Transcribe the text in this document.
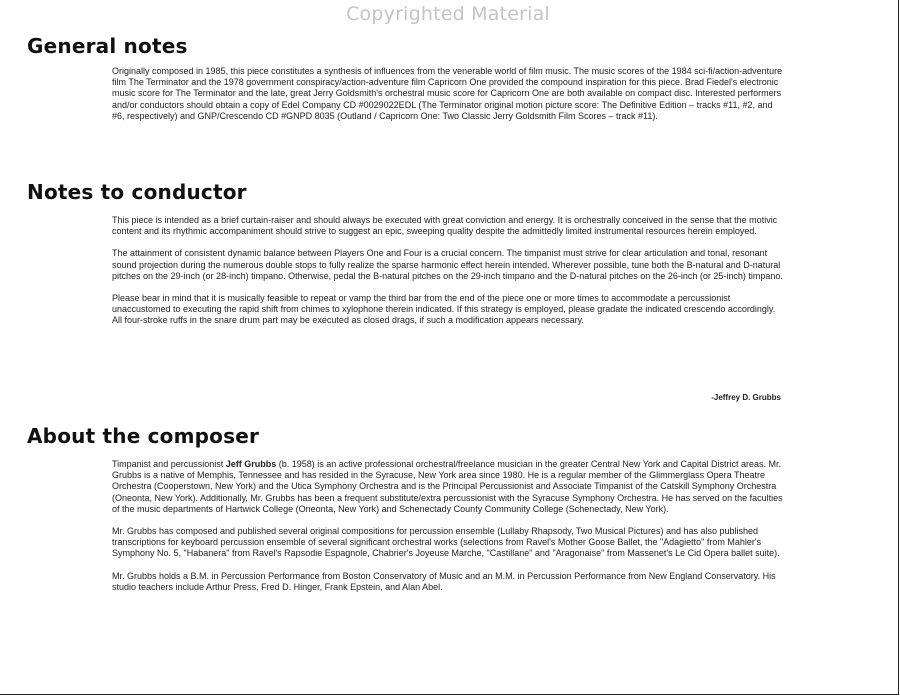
Copyrighted Material
General notes

Originally composed in 1985, this piece constitutes a synthesis of influences from the venerable world of film music. The music scores of the 1984 sci-fi/action-adventure film The Terminator and the 1978 government conspiracy/action-adventure film Capricorn One provided the compound inspiration for this piece. Brad Fiedel's electronic music score for The Terminator and the late, great Jerry Goldsmith's orchestral music score for Capricorn One are both available on compact disc. Interested performers and/or conductors should obtain a copy of Edel Company CD #0029022EDL (The Terminator original motion picture score: The Definitive Edition – tracks #11, #2, and #6, respectively) and GNP/Crescendo CD #GNPD 8035 (Outland / Capricorn One: Two Classic Jerry Goldsmith Film Scores – track #11).

Notes to conductor

This piece is intended as a brief curtain-raiser and should always be executed with great conviction and energy. It is orchestrally conceived in the sense that the motivic content and its rhythmic accompaniment should strive to suggest an epic, sweeping quality despite the admittedly limited instrumental resources herein employed.

The attainment of consistent dynamic balance between Players One and Four is a crucial concern. The timpanist must strive for clear articulation and tonal, resonant sound projection during the numerous double stops to fully realize the sparse harmonic effect herein intended. Wherever possible, tune both the B-natural and D-natural pitches on the 29-inch (or 28-inch) timpano. Otherwise, pedal the B-natural pitches on the 29-inch timpano and the D-natural pitches on the 26-inch (or 25-inch) timpano.

Please bear in mind that it is musically feasible to repeat or vamp the third bar from the end of the piece one or more times to accommodate a percussionist unaccustomed to executing the rapid shift from chimes to xylophone therein indicated. If this strategy is employed, please gradate the indicated crescendo accordingly. All four-stroke ruffs in the snare drum part may be executed as closed drags, if such a modification appears necessary.

-Jeffrey D. Grubbs
About the composer

Timpanist and percussionist Jeff Grubbs (b. 1958) is an active professional orchestral/freelance musician in the greater Central New York and Capital District areas. Mr. Grubbs is a native of Memphis, Tennessee and has resided in the Syracuse, New York area since 1980. He is a regular member of the Glimmerglass Opera Theatre Orchestra (Cooperstown, New York) and the Utica Symphony Orchestra and is the Principal Percussionist and Associate Timpanist of the Catskill Symphony Orchestra (Oneonta, New York). Additionally, Mr. Grubbs has been a frequent substitute/extra percussionist with the Syracuse Symphony Orchestra. He has served on the faculties of the music departments of Hartwick College (Oneonta, New York) and Schenectady County Community College (Schenectady, New York).

Mr. Grubbs has composed and published several original compositions for percussion ensemble (Lullaby Rhapsody, Two Musical Pictures) and has also published transcriptions for keyboard percussion ensemble of several significant orchestral works (selections from Ravel's Mother Goose Ballet, the "Adagietto" from Mahler's Symphony No. 5, "Habanera" from Ravel's Rapsodie Espagnole, Chabrier's Joyeuse Marche, "Castillane" and "Aragonaise" from Massenet's Le Cid Opera ballet suite).

Mr. Grubbs holds a B.M. in Percussion Performance from Boston Conservatory of Music and an M.M. in Percussion Performance from New England Conservatory. His studio teachers include Arthur Press, Fred D. Hinger, Frank Epstein, and Alan Abel.
